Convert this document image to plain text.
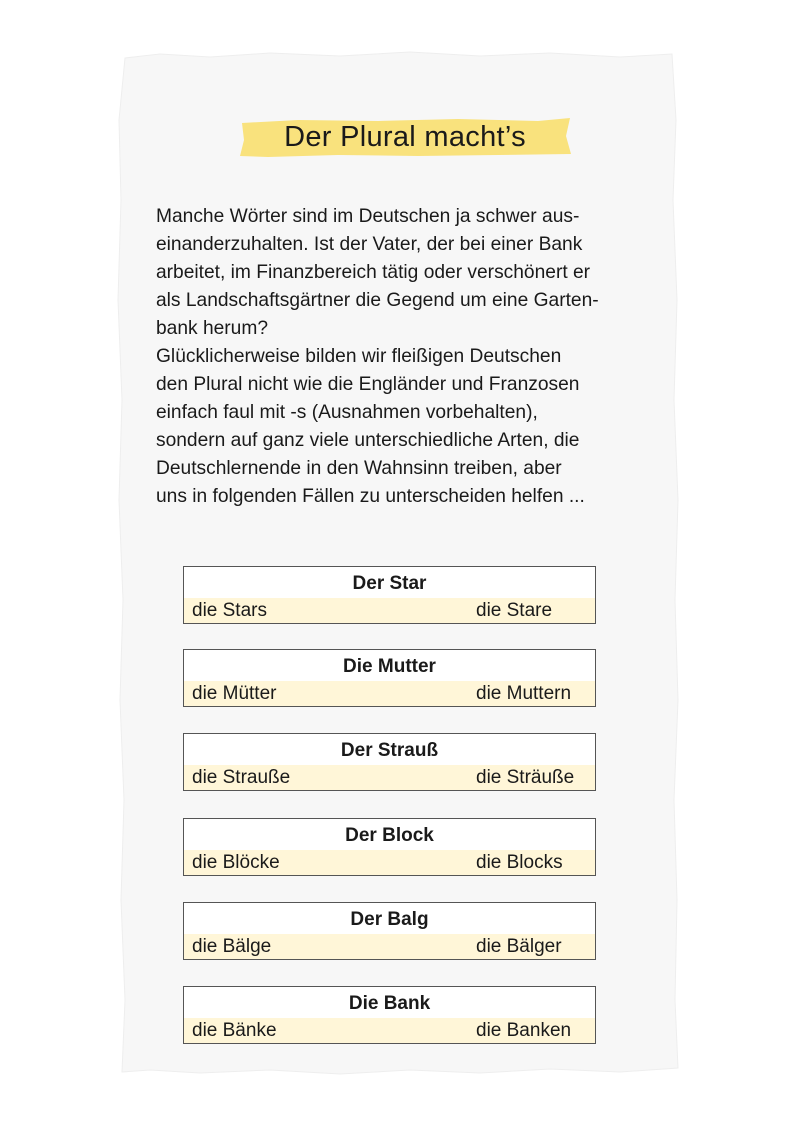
Der Plural macht’s

Manche Wörter sind im Deutschen ja schwer aus-

einanderzuhalten. Ist der Vater, der bei einer Bank

arbeitet, im Finanzbereich tätig oder verschönert er

als Landschaftsgärtner die Gegend um eine Garten-

bank herum?

Glücklicherweise bilden wir fleißigen Deutschen

den Plural nicht wie die Engländer und Franzosen

einfach faul mit -s (Ausnahmen vorbehalten),

sondern auf ganz viele unterschiedliche Arten, die

Deutschlernende in den Wahnsinn treiben, aber

uns in folgenden Fällen zu unterscheiden helfen ...

Der Star
die Stars	die Stare
Die Mutter
die Mütter	die Muttern
Der Strauß
die Strauße	die Sträuße
Der Block
die Blöcke	die Blocks
Der Balg
die Bälge	die Bälger
Die Bank
die Bänke	die Banken
